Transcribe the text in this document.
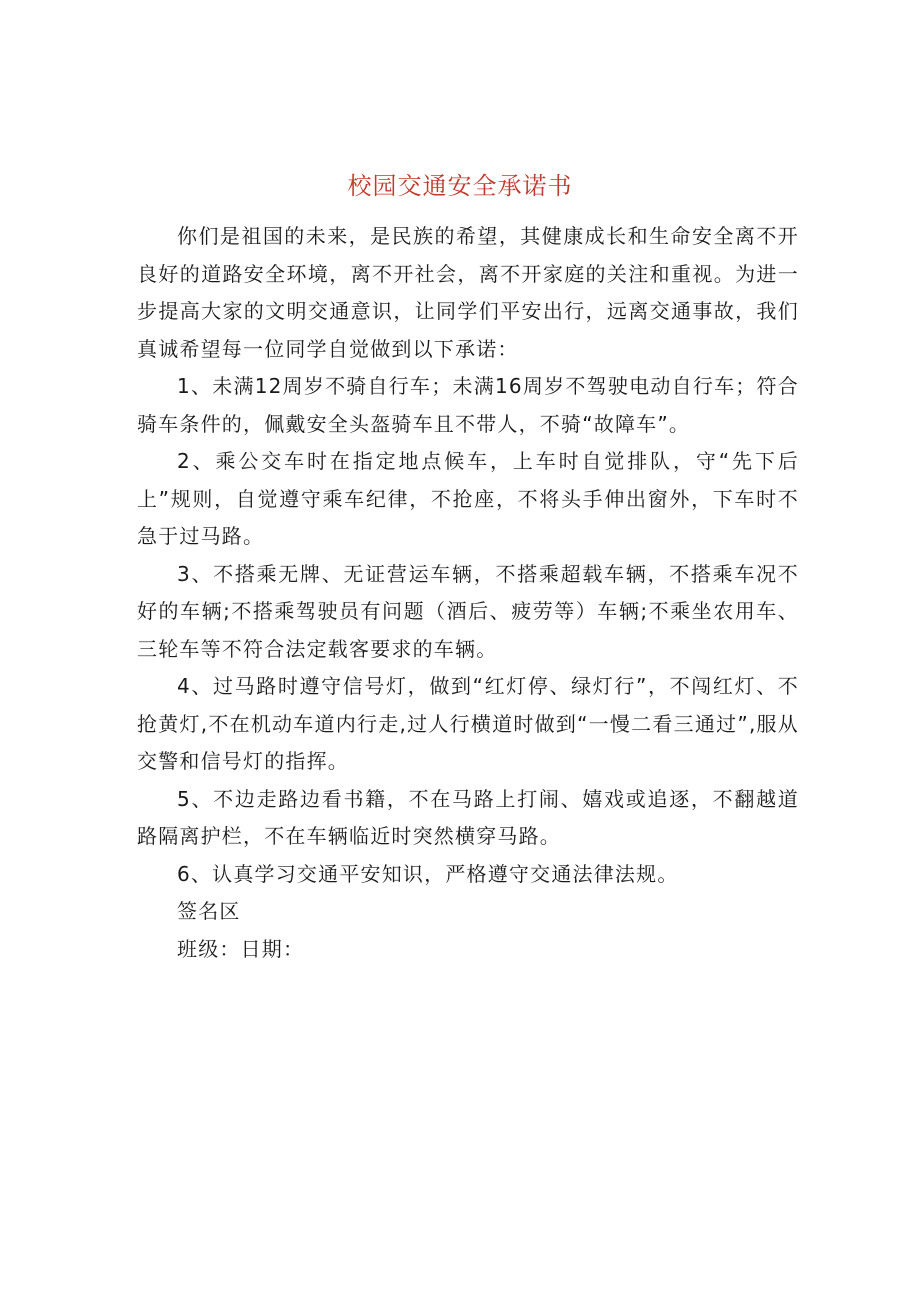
校园交通安全承诺书

你们是祖国的未来，是民族的希望，其健康成长和生命安全离不开良好的道路安全环境，离不开社会，离不开家庭的关注和重视。为进一步提高大家的文明交通意识，让同学们平安出行，远离交通事故，我们真诚希望每一位同学自觉做到以下承诺：

1、未满12周岁不骑自行车；未满16周岁不驾驶电动自行车；符合骑车条件的，佩戴安全头盔骑车且不带人，不骑“故障车”。

2、乘公交车时在指定地点候车，上车时自觉排队，守“先下后上”规则，自觉遵守乘车纪律，不抢座，不将头手伸出窗外，下车时不急于过马路。

3、不搭乘无牌、无证营运车辆，不搭乘超载车辆，不搭乘车况不好的车辆;不搭乘驾驶员有问题（酒后、疲劳等）车辆;不乘坐农用车、三轮车等不符合法定载客要求的车辆。

4、过马路时遵守信号灯，做到“红灯停、绿灯行”，不闯红灯、不抢黄灯,不在机动车道内行走,过人行横道时做到“一慢二看三通过”,服从交警和信号灯的指挥。

5、不边走路边看书籍，不在马路上打闹、嬉戏或追逐，不翻越道路隔离护栏，不在车辆临近时突然横穿马路。

6、认真学习交通平安知识，严格遵守交通法律法规。

签名区

班级：日期：
